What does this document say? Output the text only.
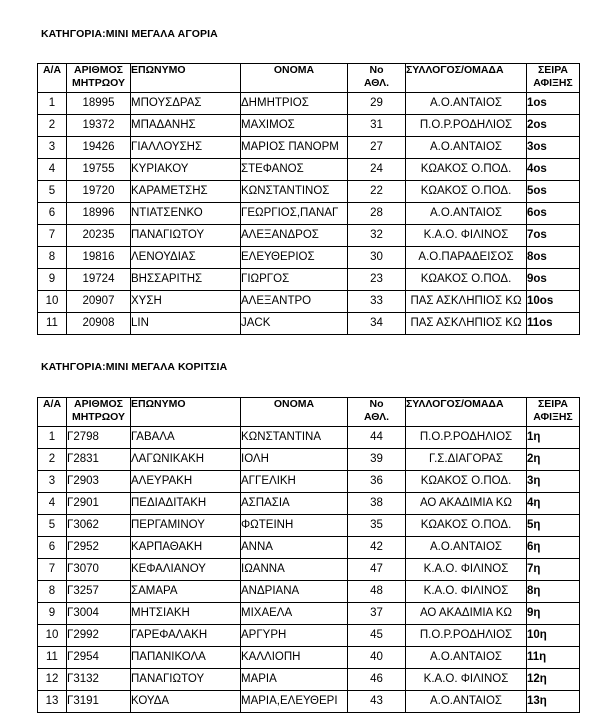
ΚΑΤΗΓΟΡΙΑ:ΜΙΝΙ ΜΕΓΑΛΑ ΑΓΟΡΙΑ
Α/Α	ΑΡΙΘΜΟΣ
ΜΗΤΡΩΟΥ	ΕΠΩΝΥΜΟ	ΟΝΟΜΑ	Νο
ΑΘΛ.	ΣΥΛΛΟΓΟΣ/ΟΜΑΔΑ	ΣΕΙΡΑ
ΑΦΙΞΗΣ
1	18995	ΜΠΟΥΣΔΡΑΣ	ΔΗΜΗΤΡΙΟΣ	29	Α.Ο.ΑΝΤΑΙΟΣ	1os
2	19372	ΜΠΑΔΑΝΗΣ	ΜΑΧΙΜΟΣ	31	Π.Ο.Ρ.ΡΟΔΗΛΙΟΣ	2os
3	19426	ΓΙΑΛΛΟΥΣΗΣ	ΜΑΡΙΟΣ ΠΑΝΟΡΜ	27	Α.Ο.ΑΝΤΑΙΟΣ	3os
4	19755	ΚΥΡΙΑΚΟΥ	ΣΤΕΦΑΝΟΣ	24	ΚΩΑΚΟΣ Ο.ΠΟΔ.	4os
5	19720	ΚΑΡΑΜΕΤΣΗΣ	ΚΩΝΣΤΑΝΤΙΝΟΣ	22	ΚΩΑΚΟΣ Ο.ΠΟΔ.	5os
6	18996	ΝΤΙΑΤΣΕΝΚΟ	ΓΕΩΡΓΙΟΣ,ΠΑΝΑΓ	28	Α.Ο.ΑΝΤΑΙΟΣ	6os
7	20235	ΠΑΝΑΓΙΩΤΟΥ	ΑΛΕΞΑΝΔΡΟΣ	32	Κ.Α.Ο. ΦΙΛΙΝΟΣ	7os
8	19816	ΛΕΝΟΥΔΙΑΣ	ΕΛΕΥΘΕΡΙΟΣ	30	Α.Ο.ΠΑΡΑΔΕΙΣΟΣ	8os
9	19724	ΒΗΣΣΑΡΙΤΗΣ	ΓΙΩΡΓΟΣ	23	ΚΩΑΚΟΣ Ο.ΠΟΔ.	9os
10	20907	ΧΥΣΗ	ΑΛΕΞΑΝΤΡΟ	33	ΠΑΣ ΑΣΚΛΗΠΙΟΣ ΚΩ	10os
11	20908	LIN	JACK	34	ΠΑΣ ΑΣΚΛΗΠΙΟΣ ΚΩ	11os
ΚΑΤΗΓΟΡΙΑ:ΜΙΝΙ ΜΕΓΑΛΑ ΚΟΡΙΤΣΙΑ
Α/Α	ΑΡΙΘΜΟΣ
ΜΗΤΡΩΟΥ	ΕΠΩΝΥΜΟ	ΟΝΟΜΑ	Νο
ΑΘΛ.	ΣΥΛΛΟΓΟΣ/ΟΜΑΔΑ	ΣΕΙΡΑ
ΑΦΙΞΗΣ
1	Γ2798	ΓΑΒΑΛΑ	ΚΩΝΣΤΑΝΤΙΝΑ	44	Π.Ο.Ρ.ΡΟΔΗΛΙΟΣ	1η
2	Γ2831	ΛΑΓΩΝΙΚΑΚΗ	ΙΟΛΗ	39	Γ.Σ.ΔΙΑΓΟΡΑΣ	2η
3	Γ2903	ΑΛΕΥΡΑΚΗ	ΑΓΓΕΛΙΚΗ	36	ΚΩΑΚΟΣ Ο.ΠΟΔ.	3η
4	Γ2901	ΠΕΔΙΑΔΙΤΑΚΗ	ΑΣΠΑΣΙΑ	38	ΑΟ ΑΚΑΔΙΜΙΑ ΚΩ	4η
5	Γ3062	ΠΕΡΓΑΜΙΝΟΥ	ΦΩΤΕΙΝΗ	35	ΚΩΑΚΟΣ Ο.ΠΟΔ.	5η
6	Γ2952	ΚΑΡΠΑΘΑΚΗ	ΑΝΝΑ	42	Α.Ο.ΑΝΤΑΙΟΣ	6η
7	Γ3070	ΚΕΦΑΛΙΑΝΟΥ	ΙΩΑΝΝΑ	47	Κ.Α.Ο. ΦΙΛΙΝΟΣ	7η
8	Γ3257	ΣΑΜΑΡΑ	ΑΝΔΡΙΑΝΑ	48	Κ.Α.Ο. ΦΙΛΙΝΟΣ	8η
9	Γ3004	ΜΗΤΣΙΑΚΗ	ΜΙΧΑΕΛΑ	37	ΑΟ ΑΚΑΔΙΜΙΑ ΚΩ	9η
10	Γ2992	ΓΑΡΕΦΑΛΑΚΗ	ΑΡΓΥΡΗ	45	Π.Ο.Ρ.ΡΟΔΗΛΙΟΣ	10η
11	Γ2954	ΠΑΠΑΝΙΚΟΛΑ	ΚΑΛΛΙΟΠΗ	40	Α.Ο.ΑΝΤΑΙΟΣ	11η
12	Γ3132	ΠΑΝΑΓΙΩΤΟΥ	ΜΑΡΙΑ	46	Κ.Α.Ο. ΦΙΛΙΝΟΣ	12η
13	Γ3191	ΚΟΥΔΑ	ΜΑΡΙΑ,ΕΛΕΥΘΕΡΙ	43	Α.Ο.ΑΝΤΑΙΟΣ	13η
